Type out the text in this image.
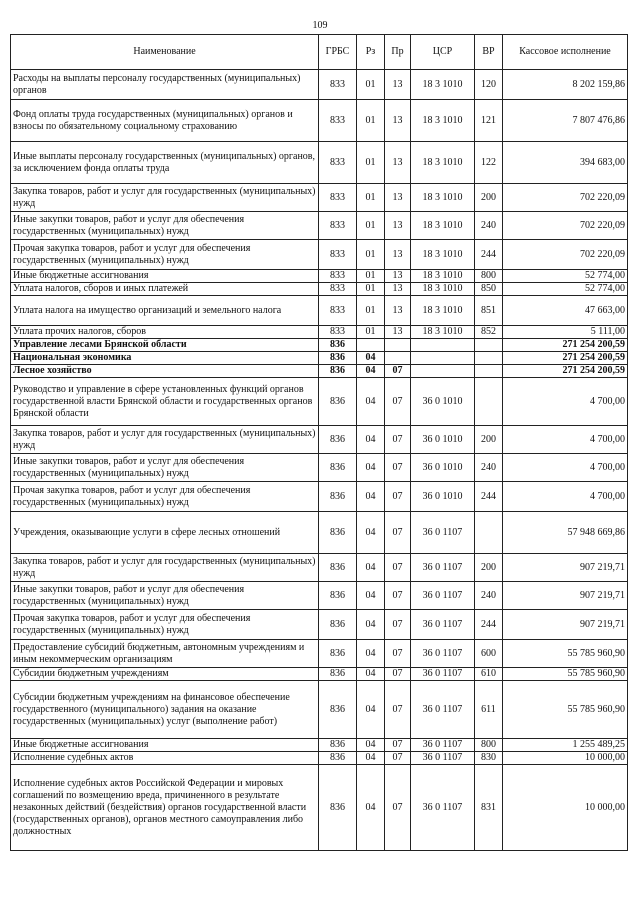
109
Наименование	ГРБС	Рз	Пр	ЦСР	ВР	Кассовое исполнение
Расходы на выплаты персоналу государственных (муниципальных) органов	833	01	13	18 3 1010	120	8 202 159,86
Фонд оплаты труда государственных (муниципальных) органов и взносы по обязательному социальному страхованию	833	01	13	18 3 1010	121	7 807 476,86
Иные выплаты персоналу государственных (муниципальных) органов, за исключением фонда оплаты труда	833	01	13	18 3 1010	122	394 683,00
Закупка товаров, работ и услуг для государственных (муниципальных) нужд	833	01	13	18 3 1010	200	702 220,09
Иные закупки товаров, работ и услуг для обеспечения государственных (муниципальных) нужд	833	01	13	18 3 1010	240	702 220,09
Прочая закупка товаров, работ и услуг для обеспечения государственных (муниципальных) нужд	833	01	13	18 3 1010	244	702 220,09
Иные бюджетные ассигнования	833	01	13	18 3 1010	800	52 774,00
Уплата налогов, сборов и иных платежей	833	01	13	18 3 1010	850	52 774,00
Уплата налога на имущество организаций и земельного налога	833	01	13	18 3 1010	851	47 663,00
Уплата прочих налогов, сборов	833	01	13	18 3 1010	852	5 111,00
Управление лесами Брянской области	836					271 254 200,59
Национальная экономика	836	04				271 254 200,59
Лесное хозяйство	836	04	07			271 254 200,59
Руководство и управление в сфере установленных функций органов государственной власти Брянской области и государственных органов Брянской области	836	04	07	36 0 1010		4 700,00
Закупка товаров, работ и услуг для государственных (муниципальных) нужд	836	04	07	36 0 1010	200	4 700,00
Иные закупки товаров, работ и услуг для обеспечения государственных (муниципальных) нужд	836	04	07	36 0 1010	240	4 700,00
Прочая закупка товаров, работ и услуг для обеспечения государственных (муниципальных) нужд	836	04	07	36 0 1010	244	4 700,00
Учреждения, оказывающие услуги в сфере лесных отношений	836	04	07	36 0 1107		57 948 669,86
Закупка товаров, работ и услуг для государственных (муниципальных) нужд	836	04	07	36 0 1107	200	907 219,71
Иные закупки товаров, работ и услуг для обеспечения государственных (муниципальных) нужд	836	04	07	36 0 1107	240	907 219,71
Прочая закупка товаров, работ и услуг для обеспечения государственных (муниципальных) нужд	836	04	07	36 0 1107	244	907 219,71
Предоставление субсидий бюджетным, автономным учреждениям и иным некоммерческим организациям	836	04	07	36 0 1107	600	55 785 960,90
Субсидии бюджетным учреждениям	836	04	07	36 0 1107	610	55 785 960,90
Субсидии бюджетным учреждениям на финансовое обеспечение государственного (муниципального) задания на оказание государственных (муниципальных) услуг (выполнение работ)	836	04	07	36 0 1107	611	55 785 960,90
Иные бюджетные ассигнования	836	04	07	36 0 1107	800	1 255 489,25
Исполнение судебных актов	836	04	07	36 0 1107	830	10 000,00
Исполнение судебных актов Российской Федерации и мировых соглашений по возмещению вреда, причиненного в результате незаконных действий (бездействия) органов государственной власти (государственных органов), органов местного самоуправления либо должностных	836	04	07	36 0 1107	831	10 000,00
